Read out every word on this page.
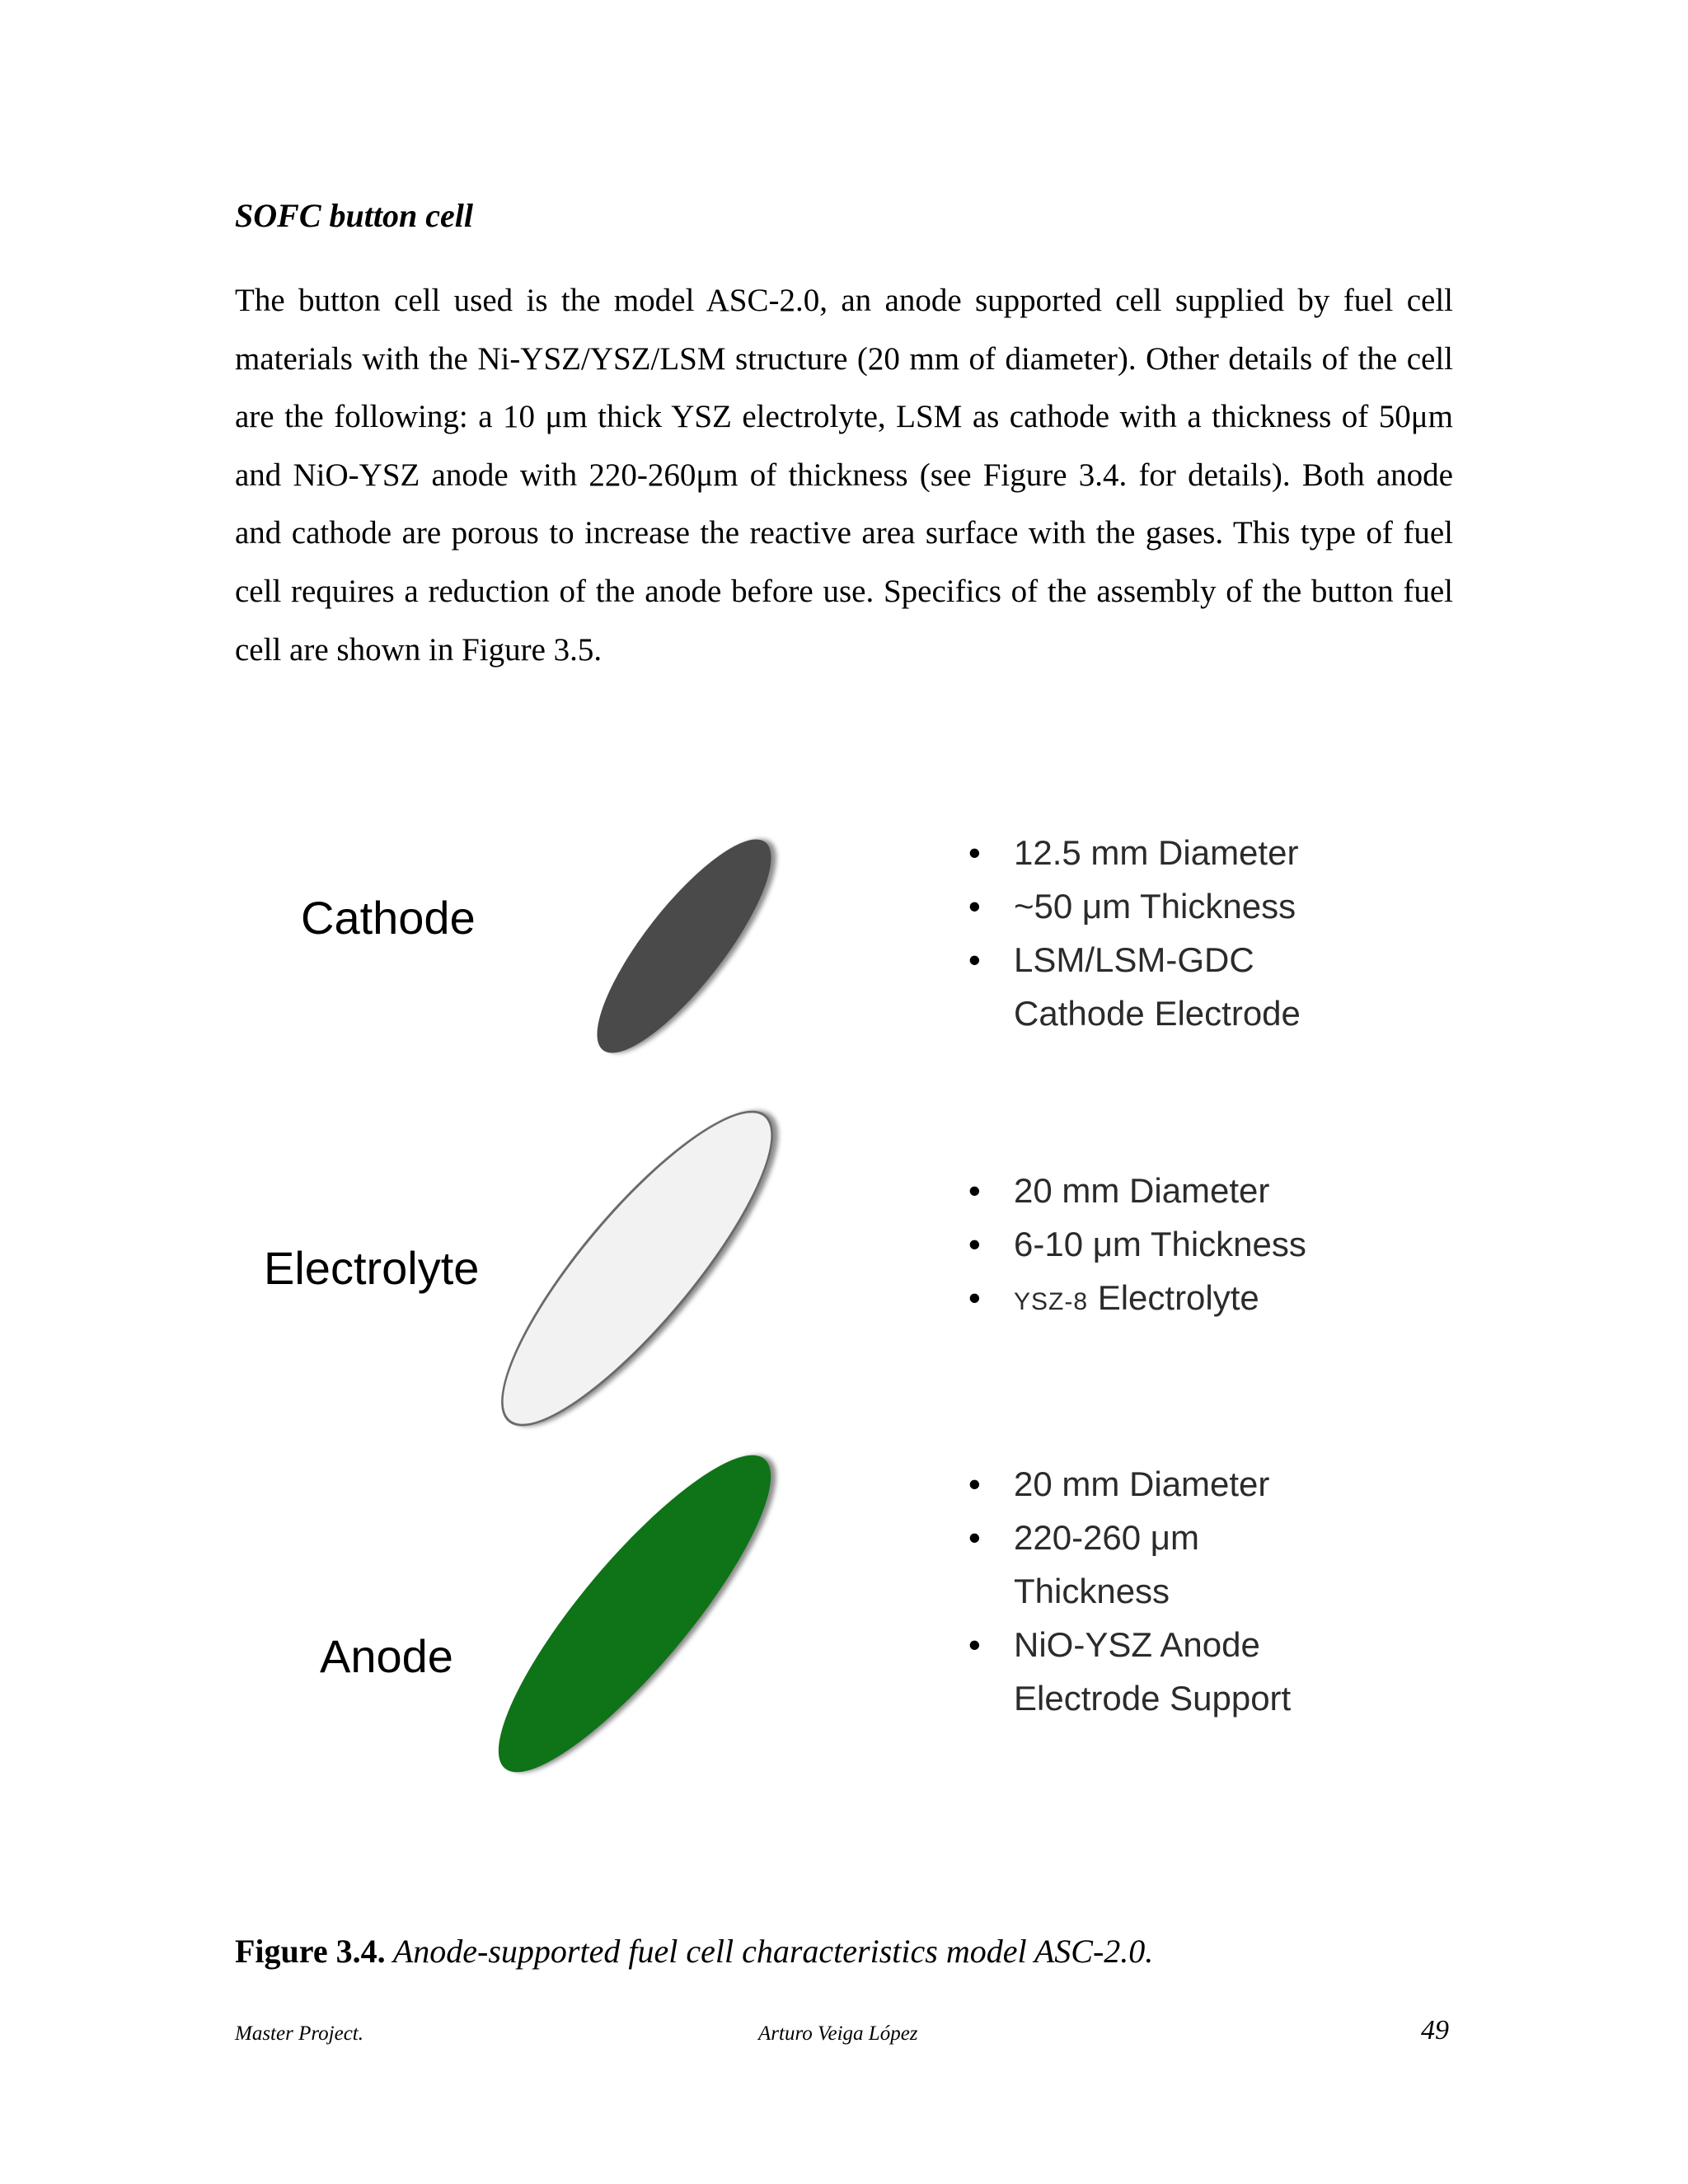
SOFC button cell

The button cell used is the model ASC-2.0, an anode supported cell supplied by fuel cell materials with the Ni-YSZ/YSZ/LSM structure (20 mm of diameter). Other details of the cell are the following: a 10 μm thick YSZ electrolyte, LSM as cathode with a thickness of 50μm and NiO-YSZ anode with 220-260μm of thickness (see Figure 3.4. for details). Both anode and cathode are porous to increase the reactive area surface with the gases. This type of fuel cell requires a reduction of the anode before use. Specifics of the assembly of the button fuel cell are shown in Figure 3.5.

Cathode
• 12.5 mm Diameter
• ~50 μm Thickness
• LSM/LSM-GDC Cathode Electrode
Electrolyte
• 20 mm Diameter
• 6-10 μm Thickness
• YSZ-8 Electrolyte
Anode
• 20 mm Diameter
• 220-260 μm Thickness
• NiO-YSZ Anode Electrode Support

Figure 3.4. Anode-supported fuel cell characteristics model ASC-2.0.

Master Project.	Arturo Veiga López	49
